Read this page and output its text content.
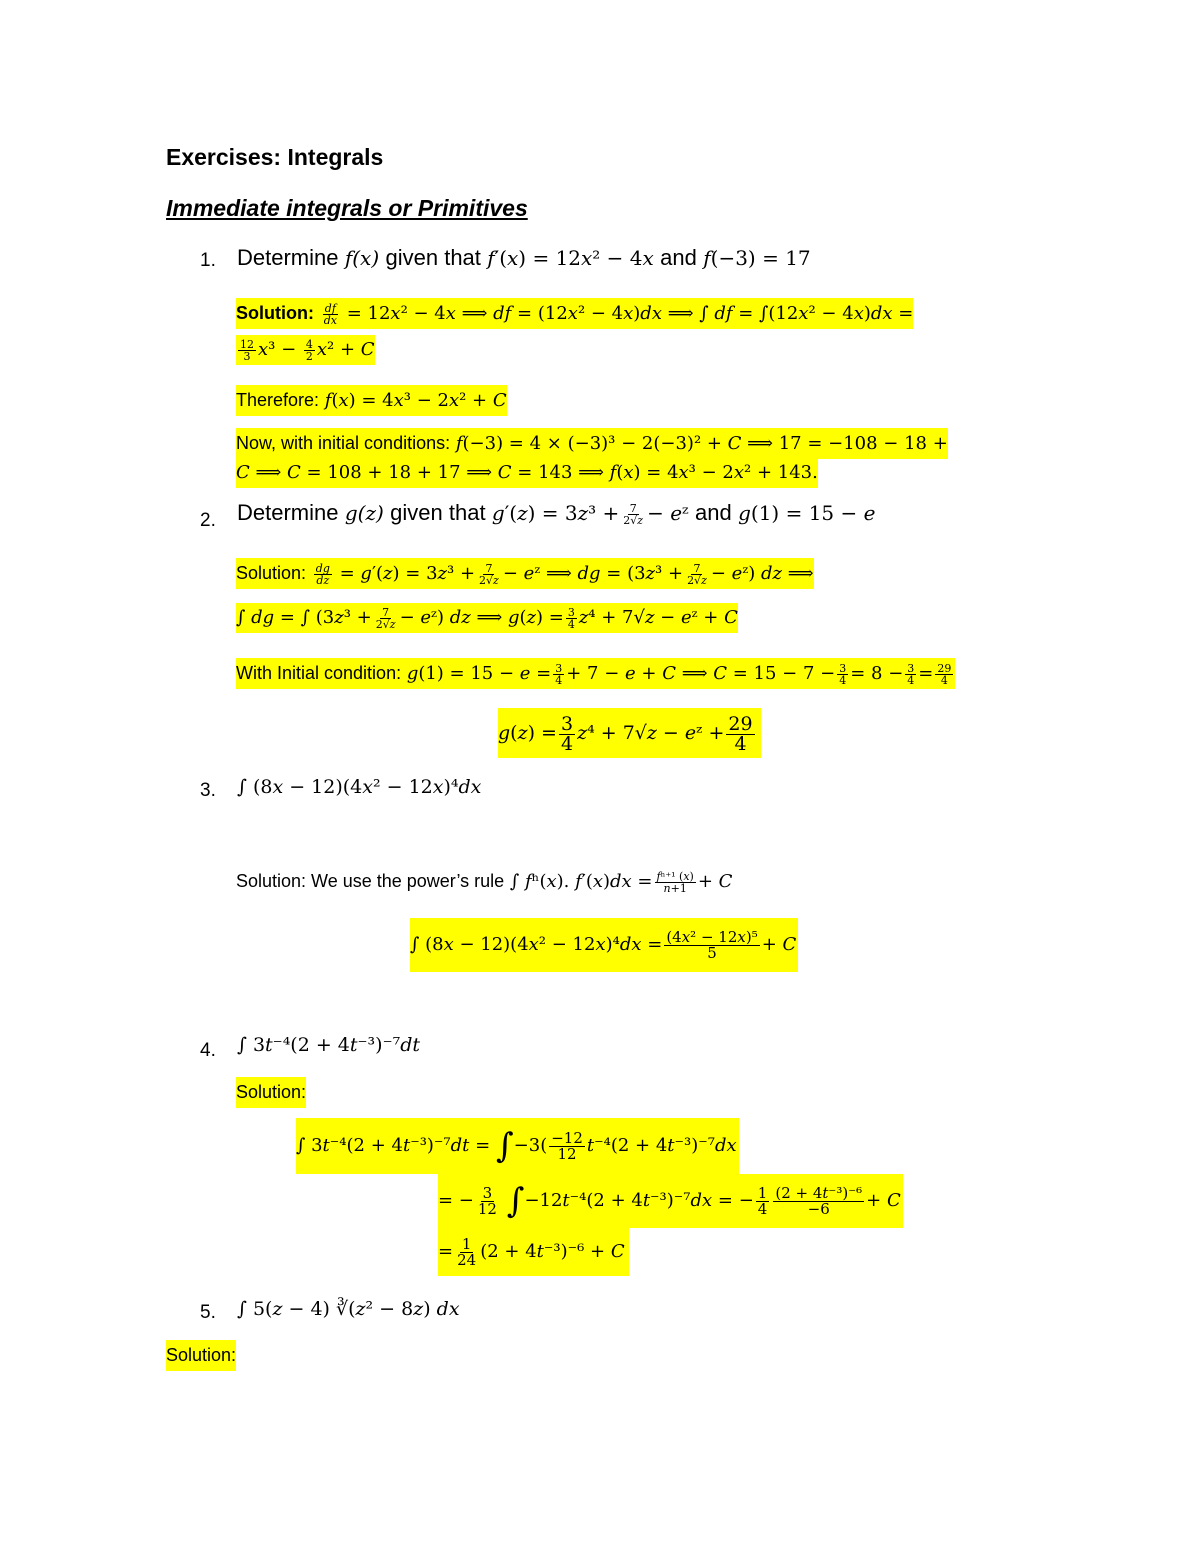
Exercises: Integrals
Immediate integrals or Primitives
1. Determine 𝑓(𝑥) given that 𝑓′(𝑥) = 12𝑥² − 4𝑥 and 𝑓(−3) = 17
Solution: $\frac{\text{𝑑𝑓}}{\text{𝑑𝑥}}$ = 12𝑥² − 4𝑥 ⟹ 𝑑𝑓 = (12𝑥² − 4𝑥)𝑑𝑥 ⟹ ∫ 𝑑𝑓 = ∫(12𝑥² − 4𝑥)𝑑𝑥 =
$\frac{12}{3}$ 𝑥³ − $\frac{4}{2}$ 𝑥² + 𝐶
Therefore: 𝑓(𝑥) = 4𝑥³ − 2𝑥² + 𝐶
Now, with initial conditions: 𝑓(−3) = 4 × (−3)³ − 2(−3)² + 𝐶 ⟹ 17 = −108 − 18 +
𝐶 ⟹ 𝐶 = 108 + 18 + 17 ⟹ 𝐶 = 143 ⟹ 𝑓(𝑥) = 4𝑥³ − 2𝑥² + 143.
2. Determine 𝑔(𝑧) given that 𝑔′(𝑧) = 3𝑧³ + $\frac{7}{\text{2√𝑧}}$ − 𝑒ᶻ and 𝑔(1) = 15 − 𝑒
Solution: $\frac{\text{𝑑𝑔}}{\text{𝑑𝑧}}$ = 𝑔′(𝑧) = 3𝑧³ + $\frac{7}{\text{2√𝑧}}$ − 𝑒ᶻ ⟹ 𝑑𝑔 = (3𝑧³ + $\frac{7}{\text{2√𝑧}}$ − 𝑒ᶻ) 𝑑𝑧 ⟹
∫ 𝑑𝑔 = ∫ (3𝑧³ + $\frac{7}{\text{2√𝑧}}$ − 𝑒ᶻ) 𝑑𝑧 ⟹ 𝑔(𝑧) = $\frac{3}{4}$ 𝑧⁴ + 7√𝑧 − 𝑒ᶻ + 𝐶
With Initial condition: 𝑔(1) = 15 − 𝑒 = $\frac{3}{4} + 7$ − 𝑒 + 𝐶 ⟹ 𝐶 = $15 - 7 - \frac{3}{4} = 8 - \frac{3}{4} = \frac{29}{4}$
𝑔(𝑧) = $\frac{3}{4}$ 𝑧⁴ + 7√𝑧 − 𝑒ᶻ + $\frac{29}{4}$
3. ∫ (8𝑥 − 12)(4𝑥² − 12𝑥)⁴𝑑𝑥
Solution: We use the power’s rule ∫ 𝑓ⁿ(𝑥). 𝑓′(𝑥)𝑑𝑥 = $\frac{\text{𝑓ⁿ⁺¹ (𝑥)}}{\text{𝑛+1}}$ + 𝐶
∫ (8𝑥 − 12)(4𝑥² − 12𝑥)⁴𝑑𝑥 = $\frac{\text{(4𝑥² − 12𝑥)⁵}}{5}$ + 𝐶
4. ∫ 3𝑡⁻⁴(2 + 4𝑡⁻³)⁻⁷𝑑𝑡
Solution:
∫ 3𝑡⁻⁴(2 + 4𝑡⁻³)⁻⁷𝑑𝑡 = $\int-3( \frac{-12}{12}$ 𝑡⁻⁴(2 + 4𝑡⁻³)⁻⁷𝑑𝑥
= − $\frac{3}{12}$ ∫−12𝑡⁻⁴(2 + 4𝑡⁻³)⁻⁷𝑑𝑥 = − $\frac{1}{4} \frac{\text{(2 + 4𝑡⁻³)⁻⁶}}{-6}$ + 𝐶
= $\frac{1}{24} (2$ + 4𝑡⁻³)⁻⁶ + 𝐶
5. ∫ 5(𝑧 − 4) ∛(𝑧² − 8𝑧) 𝑑𝑥
Solution:
